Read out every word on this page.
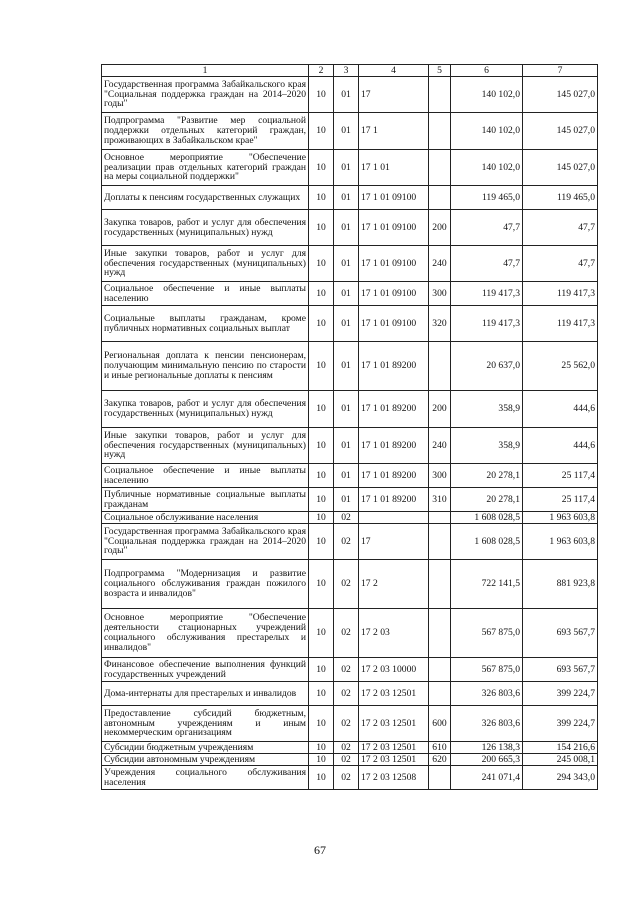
1	2	3	4	5	6	7
Государственная программа Забайкальского края "Социальная поддержка граждан на 2014–2020 годы"	10	01	17		140 102,0	145 027,0
Подпрограмма "Развитие мер социальной поддержки отдельных категорий граждан, проживающих в Забайкальском крае"	10	01	17 1		140 102,0	145 027,0
Основное мероприятие "Обеспечение реализации прав отдельных категорий граждан на меры социальной поддержки"	10	01	17 1 01		140 102,0	145 027,0
Доплаты к пенсиям государственных служащих	10	01	17 1 01 09100		119 465,0	119 465,0
Закупка товаров, работ и услуг для обеспечения государственных (муниципальных) нужд	10	01	17 1 01 09100	200	47,7	47,7
Иные закупки товаров, работ и услуг для обеспечения государственных (муниципальных) нужд	10	01	17 1 01 09100	240	47,7	47,7
Социальное обеспечение и иные выплаты населению	10	01	17 1 01 09100	300	119 417,3	119 417,3
Социальные выплаты гражданам, кроме публичных нормативных социальных выплат	10	01	17 1 01 09100	320	119 417,3	119 417,3
Региональная доплата к пенсии пенсионерам, получающим минимальную пенсию по старости и иные региональные доплаты к пенсиям	10	01	17 1 01 89200		20 637,0	25 562,0
Закупка товаров, работ и услуг для обеспечения государственных (муниципальных) нужд	10	01	17 1 01 89200	200	358,9	444,6
Иные закупки товаров, работ и услуг для обеспечения государственных (муниципальных) нужд	10	01	17 1 01 89200	240	358,9	444,6
Социальное обеспечение и иные выплаты населению	10	01	17 1 01 89200	300	20 278,1	25 117,4
Публичные нормативные социальные выплаты гражданам	10	01	17 1 01 89200	310	20 278,1	25 117,4
Социальное обслуживание населения	10	02			1 608 028,5	1 963 603,8
Государственная программа Забайкальского края "Социальная поддержка граждан на 2014–2020 годы"	10	02	17		1 608 028,5	1 963 603,8
Подпрограмма "Модернизация и развитие социального обслуживания граждан пожилого возраста и инвалидов"	10	02	17 2		722 141,5	881 923,8
Основное мероприятие "Обеспечение деятельности стационарных учреждений социального обслуживания престарелых и инвалидов"	10	02	17 2 03		567 875,0	693 567,7
Финансовое обеспечение выполнения функций государственных учреждений	10	02	17 2 03 10000		567 875,0	693 567,7
Дома-интернаты для престарелых и инвалидов	10	02	17 2 03 12501		326 803,6	399 224,7
Предоставление субсидий бюджетным, автономным учреждениям и иным некоммерческим организациям	10	02	17 2 03 12501	600	326 803,6	399 224,7
Субсидии бюджетным учреждениям	10	02	17 2 03 12501	610	126 138,3	154 216,6
Субсидии автономным учреждениям	10	02	17 2 03 12501	620	200 665,3	245 008,1
Учреждения социального обслуживания населения	10	02	17 2 03 12508		241 071,4	294 343,0
67
